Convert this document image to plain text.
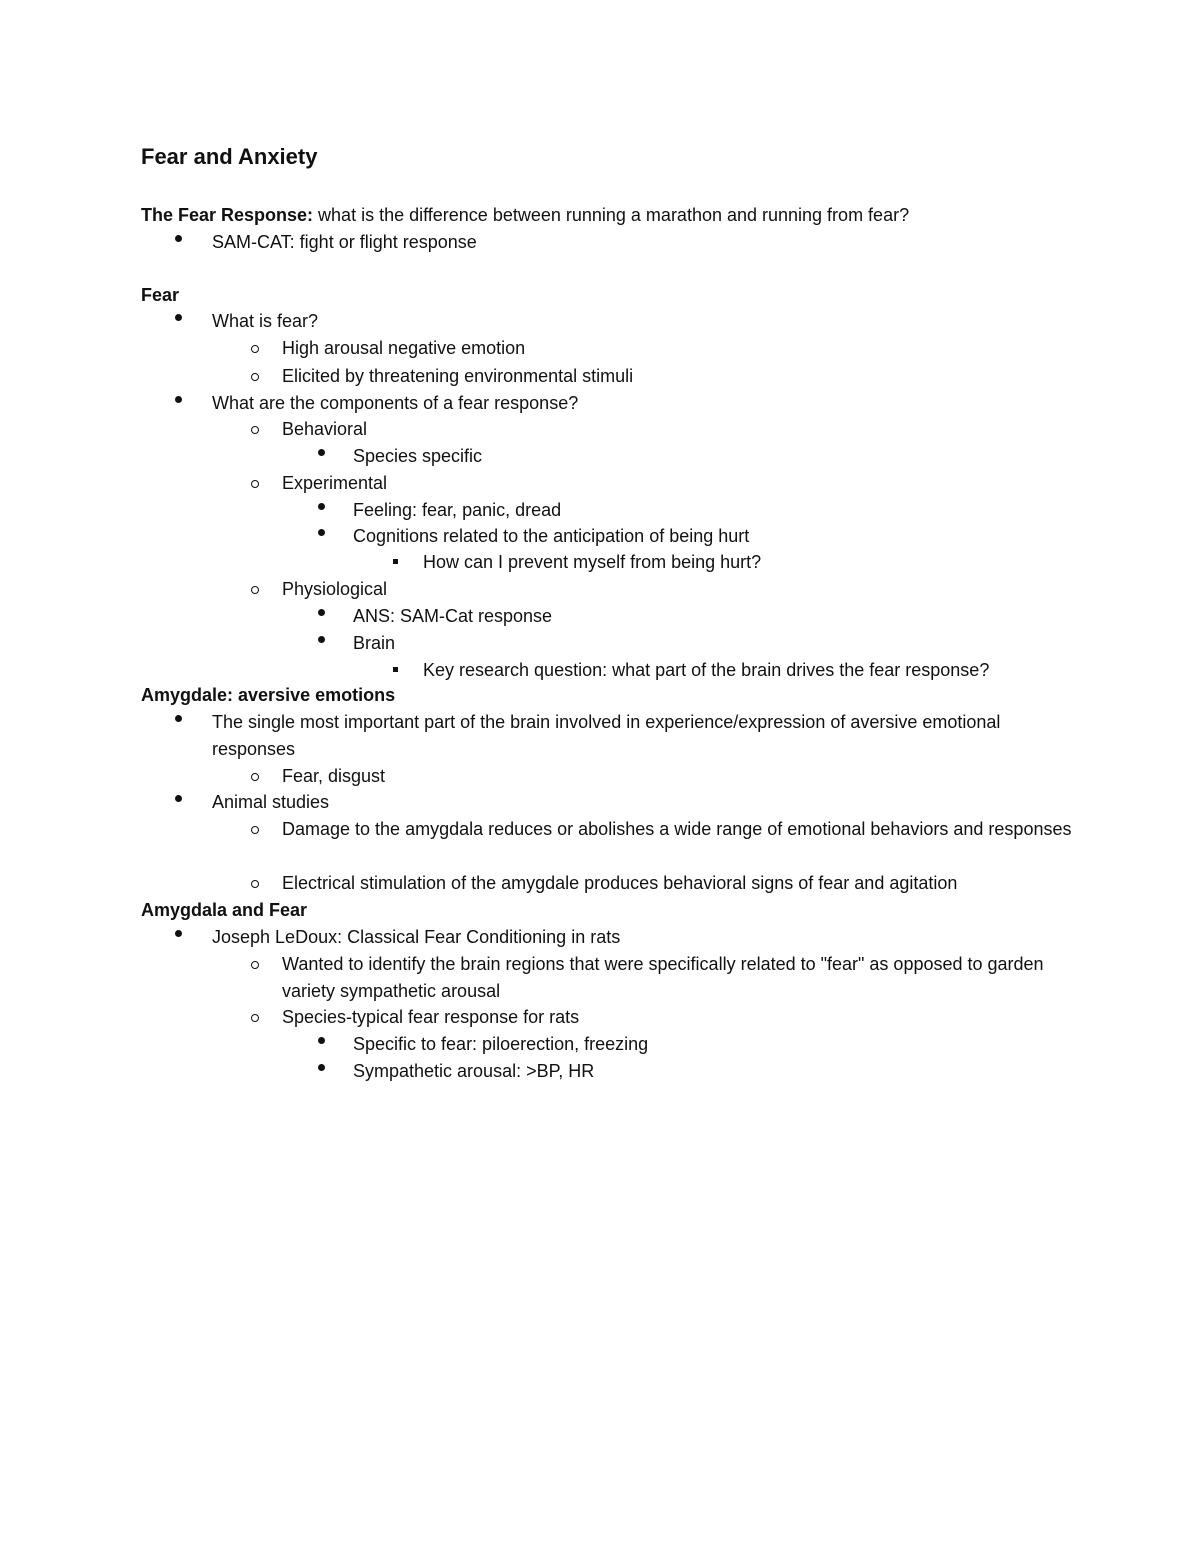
Fear and Anxiety
The Fear Response: what is the difference between running a marathon and running from fear?
SAM-CAT: fight or flight response
Fear
What is fear?
High arousal negative emotion
Elicited by threatening environmental stimuli
What are the components of a fear response?
Behavioral
Species specific
Experimental
Feeling: fear, panic, dread
Cognitions related to the anticipation of being hurt
How can I prevent myself from being hurt?
Physiological
ANS: SAM-Cat response
Brain
Key research question: what part of the brain drives the fear response?
Amygdale: aversive emotions
The single most important part of the brain involved in experience/expression of aversive emotional responses
Fear, disgust
Animal studies
Damage to the amygdala reduces or abolishes a wide range of emotional behaviors and responses
Electrical stimulation of the amygdale produces behavioral signs of fear and agitation
Amygdala and Fear
Joseph LeDoux: Classical Fear Conditioning in rats
Wanted to identify the brain regions that were specifically related to "fear" as opposed to garden variety sympathetic arousal
Species-typical fear response for rats
Specific to fear: piloerection, freezing
Sympathetic arousal: >BP, HR
